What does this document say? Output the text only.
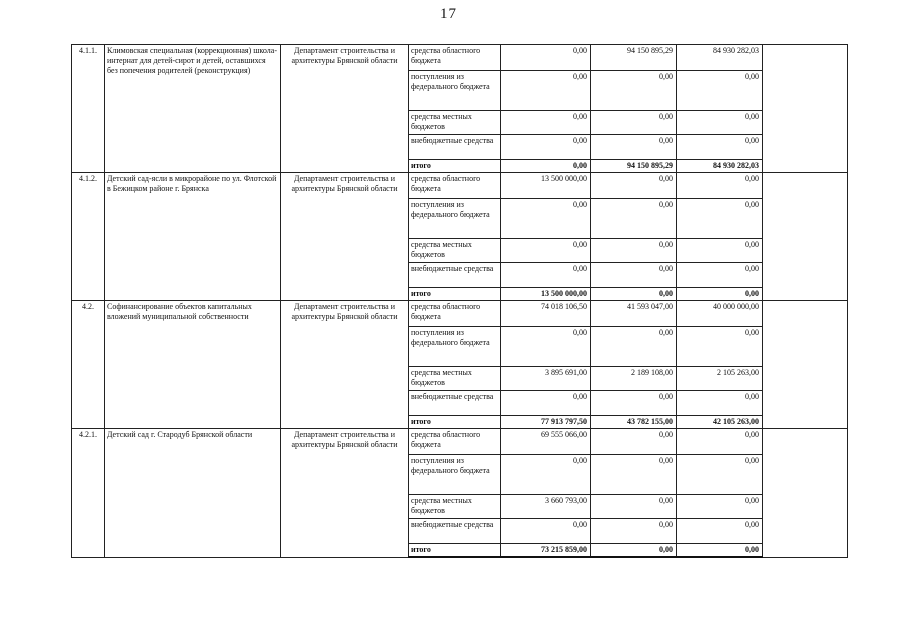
17
4.1.1.	Климовская специальная (коррекционная) школа-интернат для детей-сирот и детей, оставшихся без попечения родителей (реконструкция)	Департамент строительства и архитектуры Брянской области	средства областного бюджета	0,00	94 150 895,29	84 930 282,03	
			поступления из федерального бюджета	0,00	0,00	0,00	
			средства местных бюджетов	0,00	0,00	0,00	
			внебюджетные средства	0,00	0,00	0,00	
			итого	0,00	94 150 895,29	84 930 282,03	
4.1.2.	Детский сад-ясли в микрорайоне по ул. Флотской в Бежицком районе г. Брянска	Департамент строительства и архитектуры Брянской области	средства областного бюджета	13 500 000,00	0,00	0,00	
			поступления из федерального бюджета	0,00	0,00	0,00	
			средства местных бюджетов	0,00	0,00	0,00	
			внебюджетные средства	0,00	0,00	0,00	
			итого	13 500 000,00	0,00	0,00	
4.2.	Софинансирование объектов капитальных вложений муниципальной собственности	Департамент строительства и архитектуры Брянской области	средства областного бюджета	74 018 106,50	41 593 047,00	40 000 000,00	
			поступления из федерального бюджета	0,00	0,00	0,00	
			средства местных бюджетов	3 895 691,00	2 189 108,00	2 105 263,00	
			внебюджетные средства	0,00	0,00	0,00	
			итого	77 913 797,50	43 782 155,00	42 105 263,00	
4.2.1.	Детский сад г. Стародуб Брянской области	Департамент строительства и архитектуры Брянской области	средства областного бюджета	69 555 066,00	0,00	0,00	
			поступления из федерального бюджета	0,00	0,00	0,00	
			средства местных бюджетов	3 660 793,00	0,00	0,00	
			внебюджетные средства	0,00	0,00	0,00	
			итого	73 215 859,00	0,00	0,00	
